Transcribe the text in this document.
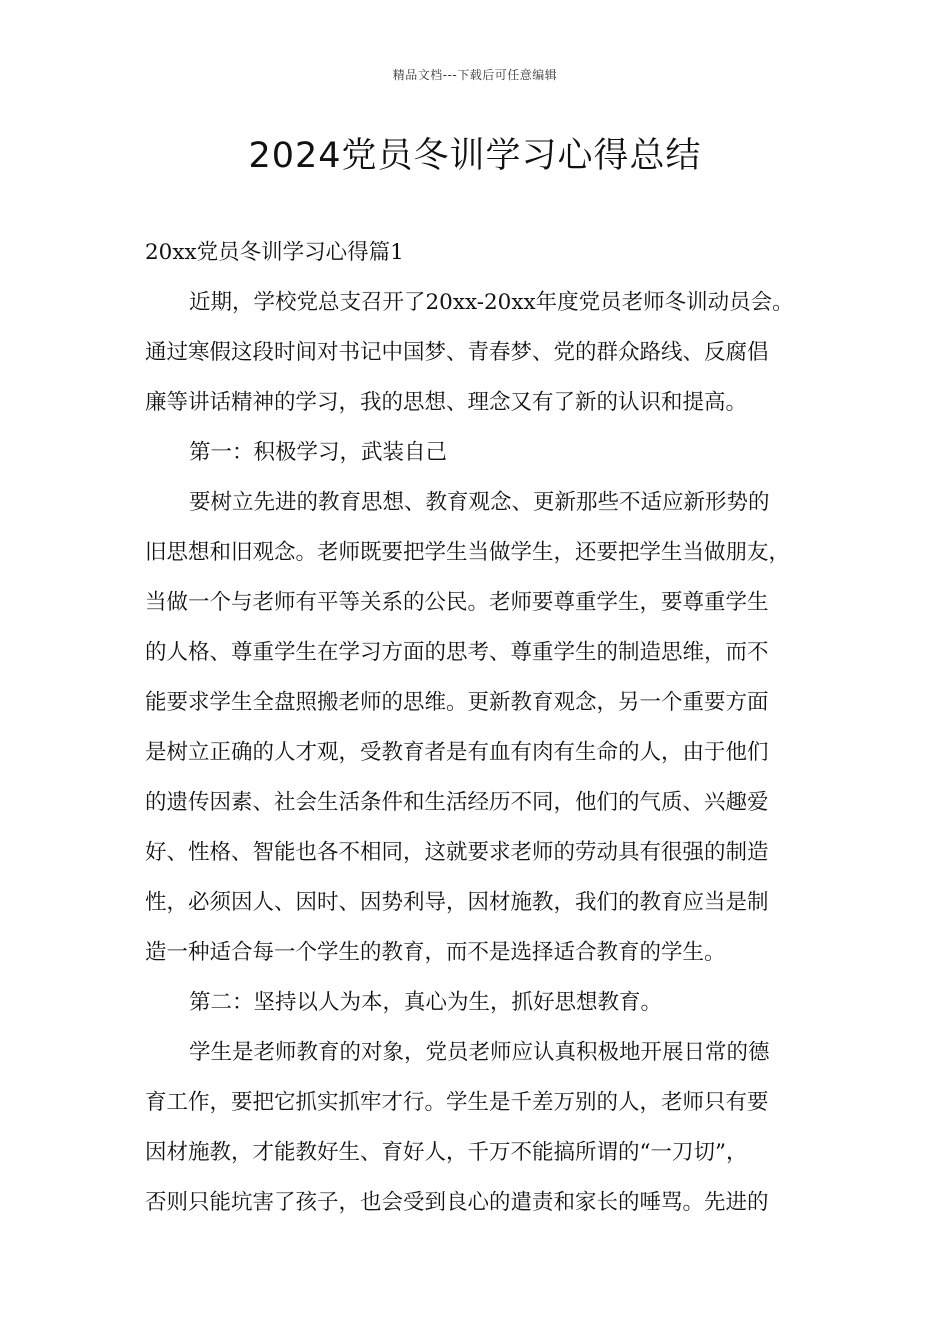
精品文档---下载后可任意编辑
2024党员冬训学习心得总结
20xx党员冬训学习心得篇1
近期，学校党总支召开了20xx-20xx年度党员老师冬训动员会。
通过寒假这段时间对书记中国梦、青春梦、党的群众路线、反腐倡
廉等讲话精神的学习，我的思想、理念又有了新的认识和提高。
第一：积极学习，武装自己
要树立先进的教育思想、教育观念、更新那些不适应新形势的
旧思想和旧观念。老师既要把学生当做学生，还要把学生当做朋友，
当做一个与老师有平等关系的公民。老师要尊重学生，要尊重学生
的人格、尊重学生在学习方面的思考、尊重学生的制造思维，而不
能要求学生全盘照搬老师的思维。更新教育观念，另一个重要方面
是树立正确的人才观，受教育者是有血有肉有生命的人，由于他们
的遗传因素、社会生活条件和生活经历不同，他们的气质、兴趣爱
好、性格、智能也各不相同，这就要求老师的劳动具有很强的制造
性，必须因人、因时、因势利导，因材施教，我们的教育应当是制
造一种适合每一个学生的教育，而不是选择适合教育的学生。
第二：坚持以人为本，真心为生，抓好思想教育。
学生是老师教育的对象，党员老师应认真积极地开展日常的德
育工作，要把它抓实抓牢才行。学生是千差万别的人，老师只有要
因材施教，才能教好生、育好人，千万不能搞所谓的“一刀切”，
否则只能坑害了孩子，也会受到良心的遣责和家长的唾骂。先进的
